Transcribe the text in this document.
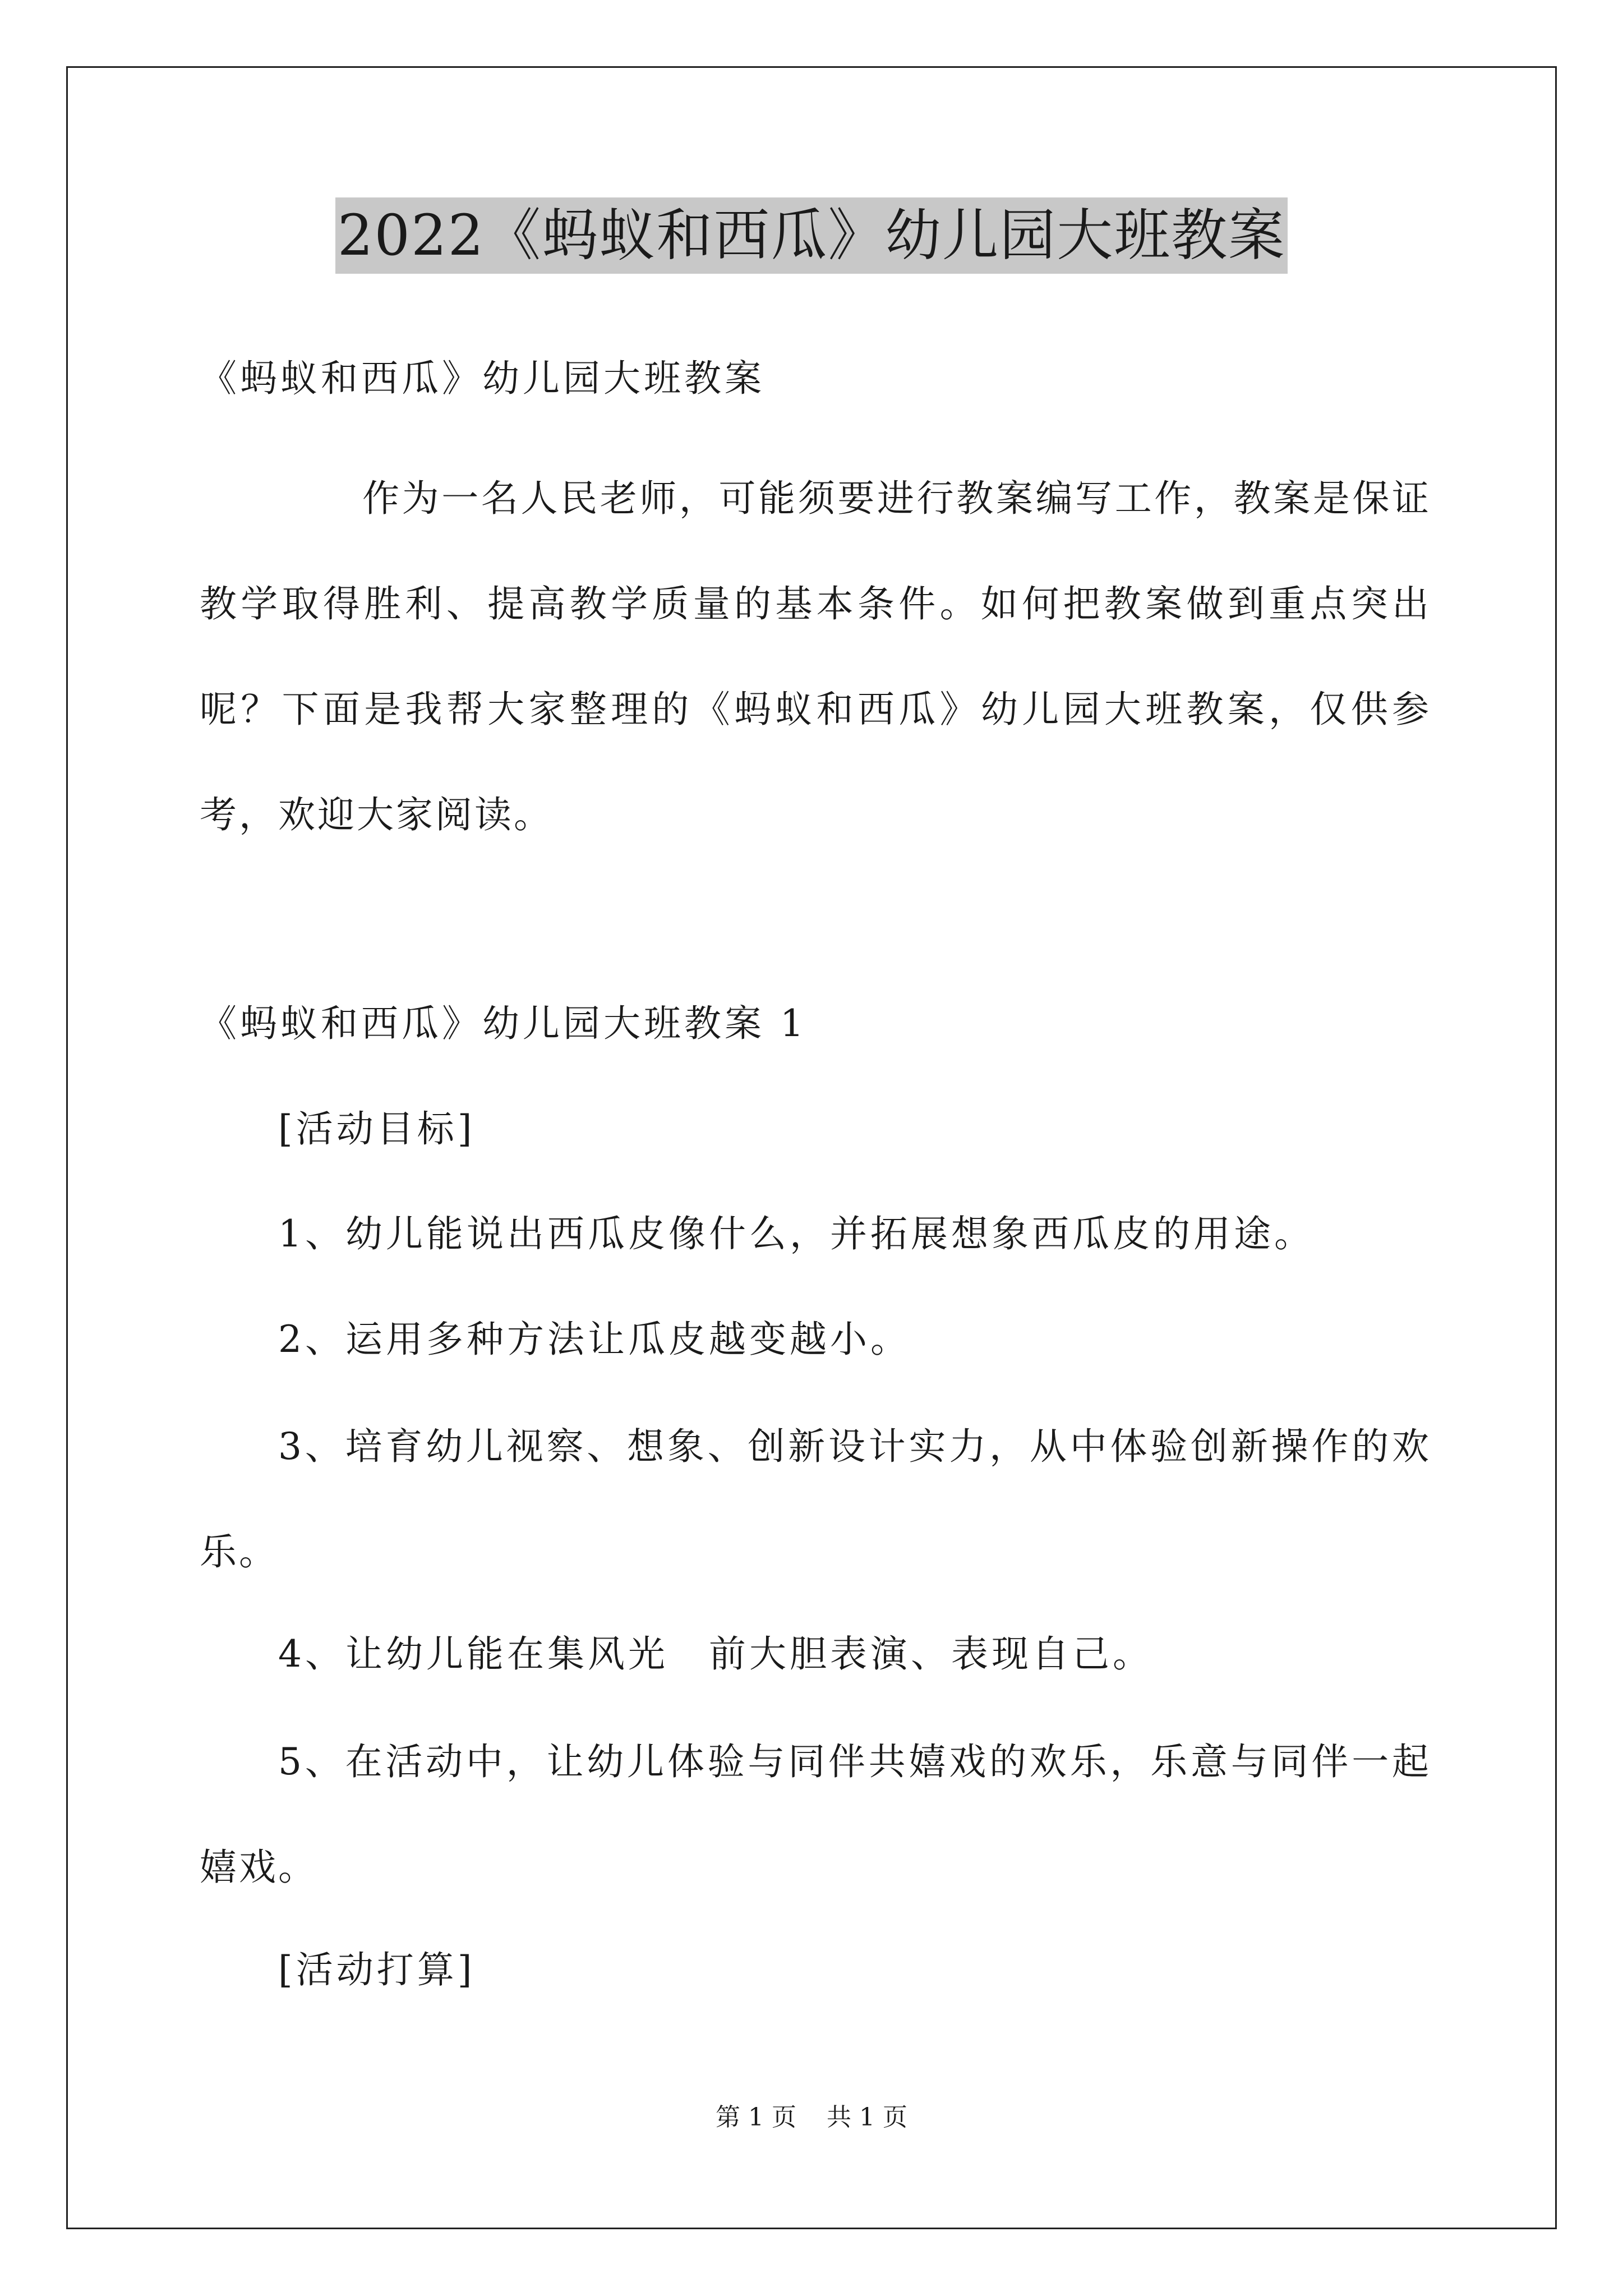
2022《蚂蚁和西瓜》幼儿园大班教案
《蚂蚁和西瓜》幼儿园大班教案
作为一名人民老师，可能须要进行教案编写工作，教案是保证教学取得胜利、提高教学质量的基本条件。如何把教案做到重点突出呢？下面是我帮大家整理的《蚂蚁和西瓜》幼儿园大班教案，仅供参考，欢迎大家阅读。
《蚂蚁和西瓜》幼儿园大班教案 1
[活动目标]
1、幼儿能说出西瓜皮像什么，并拓展想象西瓜皮的用途。
2、运用多种方法让瓜皮越变越小。
3、培育幼儿视察、想象、创新设计实力，从中体验创新操作的欢乐。
4、让幼儿能在集风光　前大胆表演、表现自己。
5、在活动中，让幼儿体验与同伴共嬉戏的欢乐，乐意与同伴一起嬉戏。
[活动打算]
第 1 页 共 1 页
